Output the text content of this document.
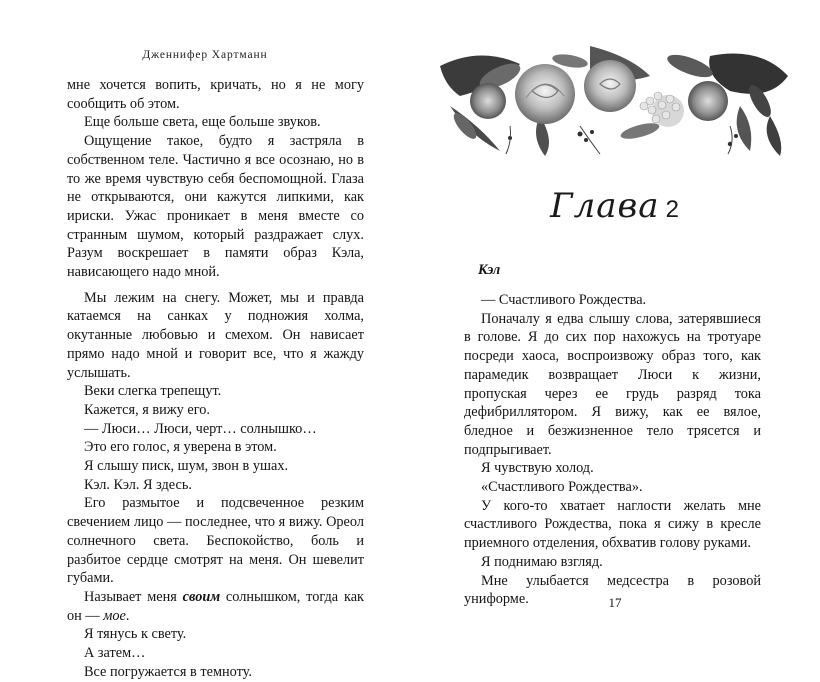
Дженнифер Хартманн

мне хочется вопить, кричать, но я не могу сообщить об этом.

Еще больше света, еще больше звуков.

Ощущение такое, будто я застряла в собственном теле. Частично я все осознаю, но в то же время чувствую себя беспомощной. Глаза не открываются, они кажутся липкими, как ириски. Ужас проникает в меня вместе со странным шумом, который раздражает слух. Разум воскрешает в памяти образ Кэла, нависающего надо мной.

Мы лежим на снегу. Может, мы и правда катаемся на санках у подножия холма, окутанные любовью и смехом. Он нависает прямо надо мной и говорит все, что я жажду услышать.

Веки слегка трепещут.

Кажется, я вижу его.

— Люси… Люси, черт… солнышко…

Это его голос, я уверена в этом.

Я слышу писк, шум, звон в ушах.

Кэл. Кэл. Я здесь.

Его размытое и подсвеченное резким свечением лицо — последнее, что я вижу. Ореол солнечного света. Беспокойство, боль и разбитое сердце смотрят на меня. Он шевелит губами.

Называет меня своим солнышком, тогда как он — мое.

Я тянусь к свету.

А затем…

Все погружается в темноту.

Глава 2
Кэл

— Счастливого Рождества.

Поначалу я едва слышу слова, затерявшиеся в голове. Я до сих пор нахожусь на тротуаре посреди хаоса, воспроизвожу образ того, как парамедик возвращает Люси к жизни, пропуская через ее грудь разряд тока дефибриллятором. Я вижу, как ее вялое, бледное и безжизненное тело трясется и подпрыгивает.

Я чувствую холод.

«Счастливого Рождества».

У кого-то хватает наглости желать мне счастливого Рождества, пока я сижу в кресле приемного отделения, обхватив голову руками.

Я поднимаю взгляд.

Мне улыбается медсестра в розовой униформе.	17
